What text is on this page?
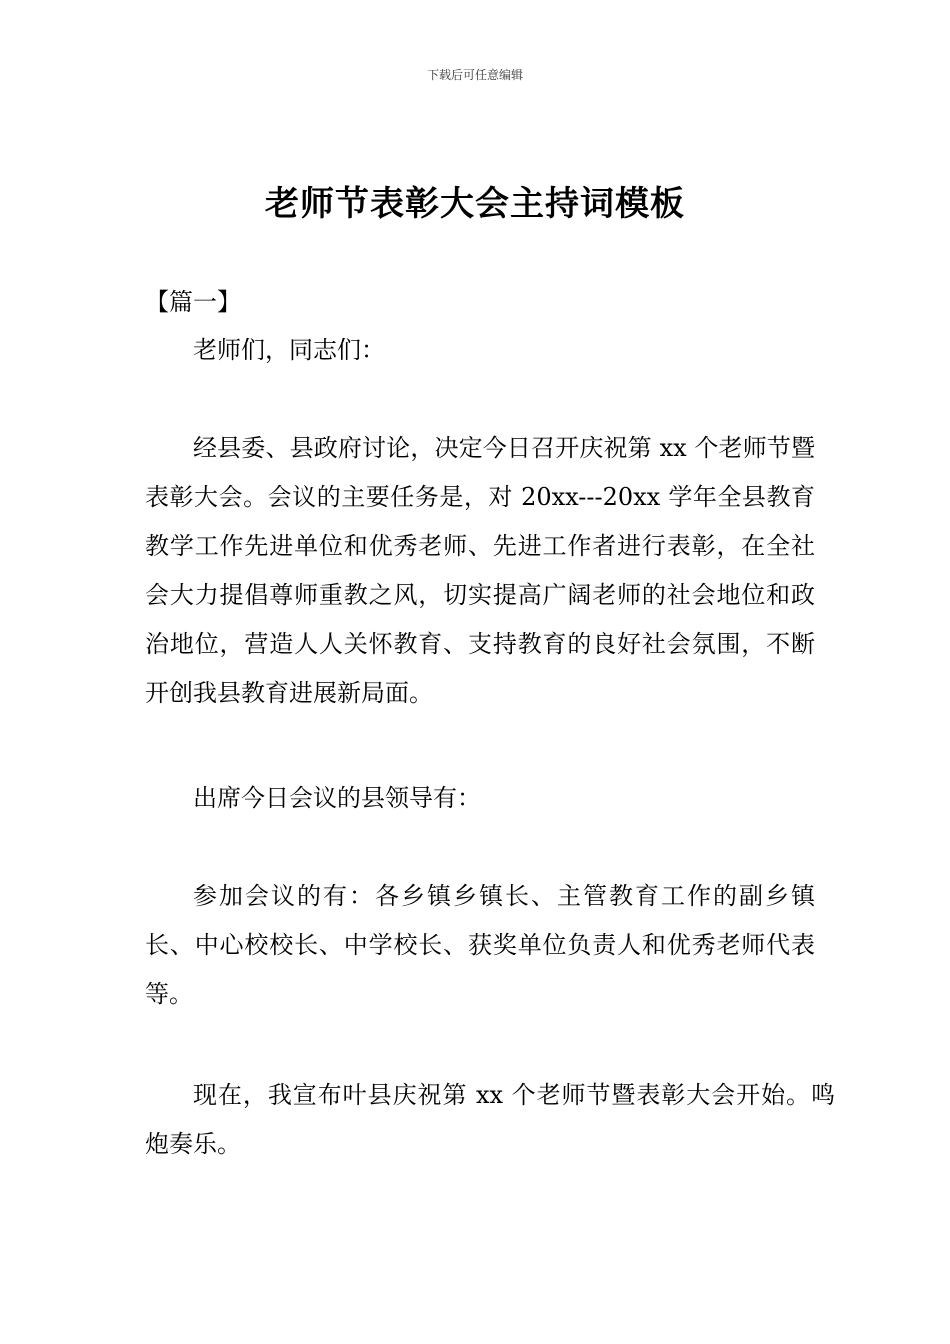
下载后可任意编辑
老师节表彰大会主持词模板
【篇一】

老师们，同志们：

经县委、县政府讨论，决定今日召开庆祝第 xx 个老师节暨表彰大会。会议的主要任务是，对 20xx---20xx 学年全县教育教学工作先进单位和优秀老师、先进工作者进行表彰，在全社会大力提倡尊师重教之风，切实提高广阔老师的社会地位和政治地位，营造人人关怀教育、支持教育的良好社会氛围，不断开创我县教育进展新局面。

出席今日会议的县领导有：

参加会议的有：各乡镇乡镇长、主管教育工作的副乡镇长、中心校校长、中学校长、获奖单位负责人和优秀老师代表等。

现在，我宣布叶县庆祝第 xx 个老师节暨表彰大会开始。鸣炮奏乐。
